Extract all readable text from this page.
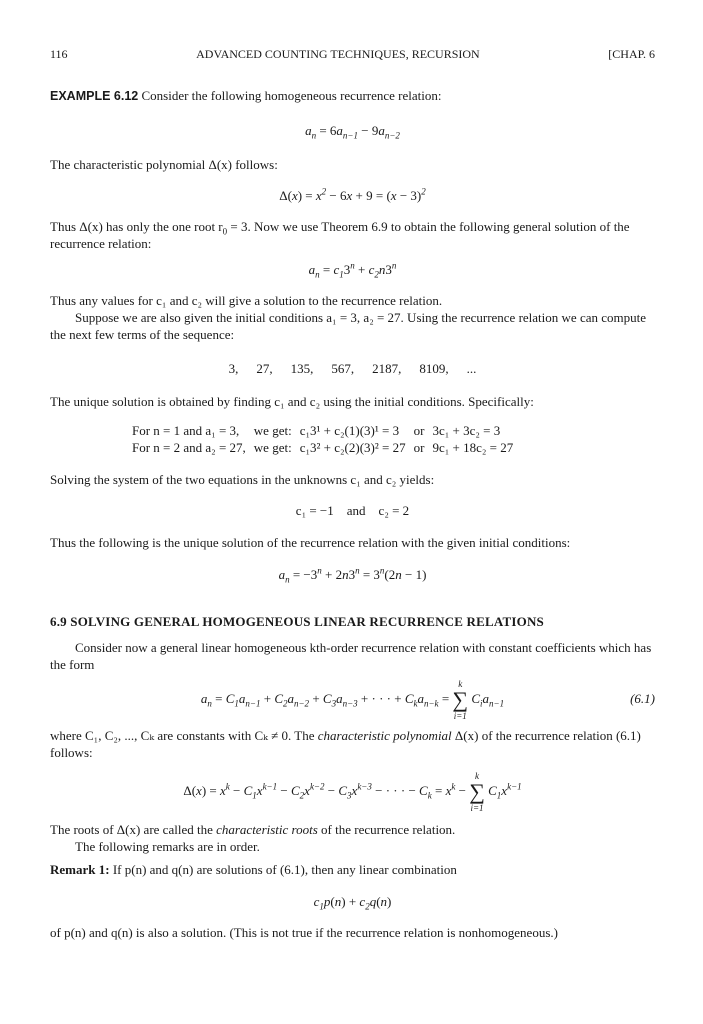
116	ADVANCED COUNTING TECHNIQUES, RECURSION	[CHAP. 6

EXAMPLE 6.12 Consider the following homogeneous recurrence relation:

$a_n = 6a_{n-1} - 9a_{n-2}$

The characteristic polynomial Δ(x) follows:

$\Delta(x) = x^2 - 6x + 9 = (x - 3)^2$

Thus Δ(x) has only the one root $r_0 = 3$. Now we use Theorem 6.9 to obtain the following general solution of the recurrence relation:

$a_n = c_13^n + c_2n3^n$

Thus any values for c₁ and c₂ will give a solution to the recurrence relation.

Suppose we are also given the initial conditions a₁ = 3, a₂ = 27. Using the recurrence relation we can compute the next few terms of the sequence:

3, 27, 135, 567, 2187, 8109, ...

The unique solution is obtained by finding c₁ and c₂ using the initial conditions. Specifically:

For n = 1 and a₁ = 3,	we get:	c₁3¹ + c₂(1)(3)¹ = 3	or	3c₁ + 3c₂ = 3
For n = 2 and a₂ = 27,	we get:	c₁3² + c₂(2)(3)² = 27	or	9c₁ + 18c₂ = 27

Solving the system of the two equations in the unknowns c₁ and c₂ yields:

c₁ = −1 and c₂ = 2

Thus the following is the unique solution of the recurrence relation with the given initial conditions:

$a_n = -3^n + 2n3^n = 3^n(2n - 1)$

6.9 SOLVING GENERAL HOMOGENEOUS LINEAR RECURRENCE RELATIONS

Consider now a general linear homogeneous kth-order recurrence relation with constant coefficients which has the form

$a_n = C_1a_{n-1} + C_2a_{n-2} + C_3a_{n-3}$ + · · · + $C_ka_{n-k}$ =
k
∑
i=1
$C_ia_{n-1}$	(6.1)

where C₁, C₂, ..., Cₖ are constants with Cₖ ≠ 0. The characteristic polynomial Δ(x) of the recurrence relation (6.1) follows:

$\Delta(x) = x^k - C_1x^{k-1} - C_2x^{k-2} - C_3x^{k-3}$ − · · · − $C_k = x^k$ −
k
∑
i=1
$C_1x^{k-1}$

The roots of Δ(x) are called the characteristic roots of the recurrence relation.

The following remarks are in order.

Remark 1: If p(n) and q(n) are solutions of (6.1), then any linear combination

$c_1p(n) + c_2q(n)$

of p(n) and q(n) is also a solution. (This is not true if the recurrence relation is nonhomogeneous.)
